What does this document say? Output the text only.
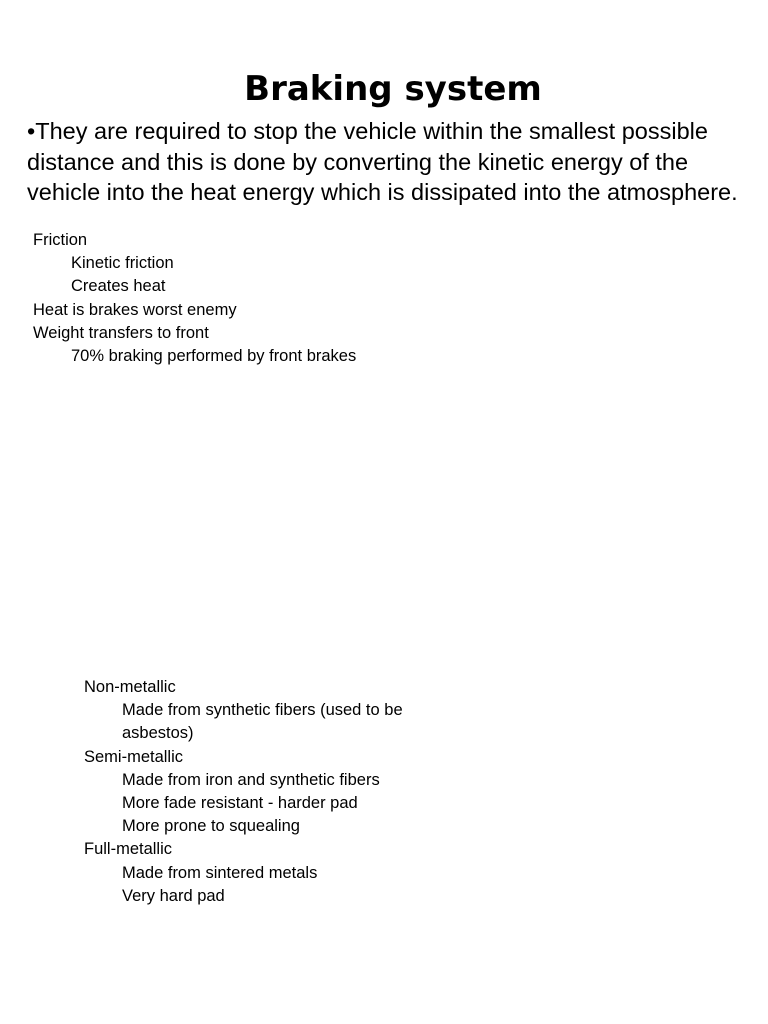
Braking system

•They are required to stop the vehicle within the smallest possible distance and this is done by converting the kinetic energy of the vehicle into the heat energy which is dissipated into the atmosphere.

Friction
Kinetic friction
Creates heat
Heat is brakes worst enemy
Weight transfers to front
70% braking performed by front brakes
Non-metallic
Made from synthetic fibers (used to be asbestos)
Semi-metallic
Made from iron and synthetic fibers
More fade resistant - harder pad
More prone to squealing
Full-metallic
Made from sintered metals
Very hard pad
